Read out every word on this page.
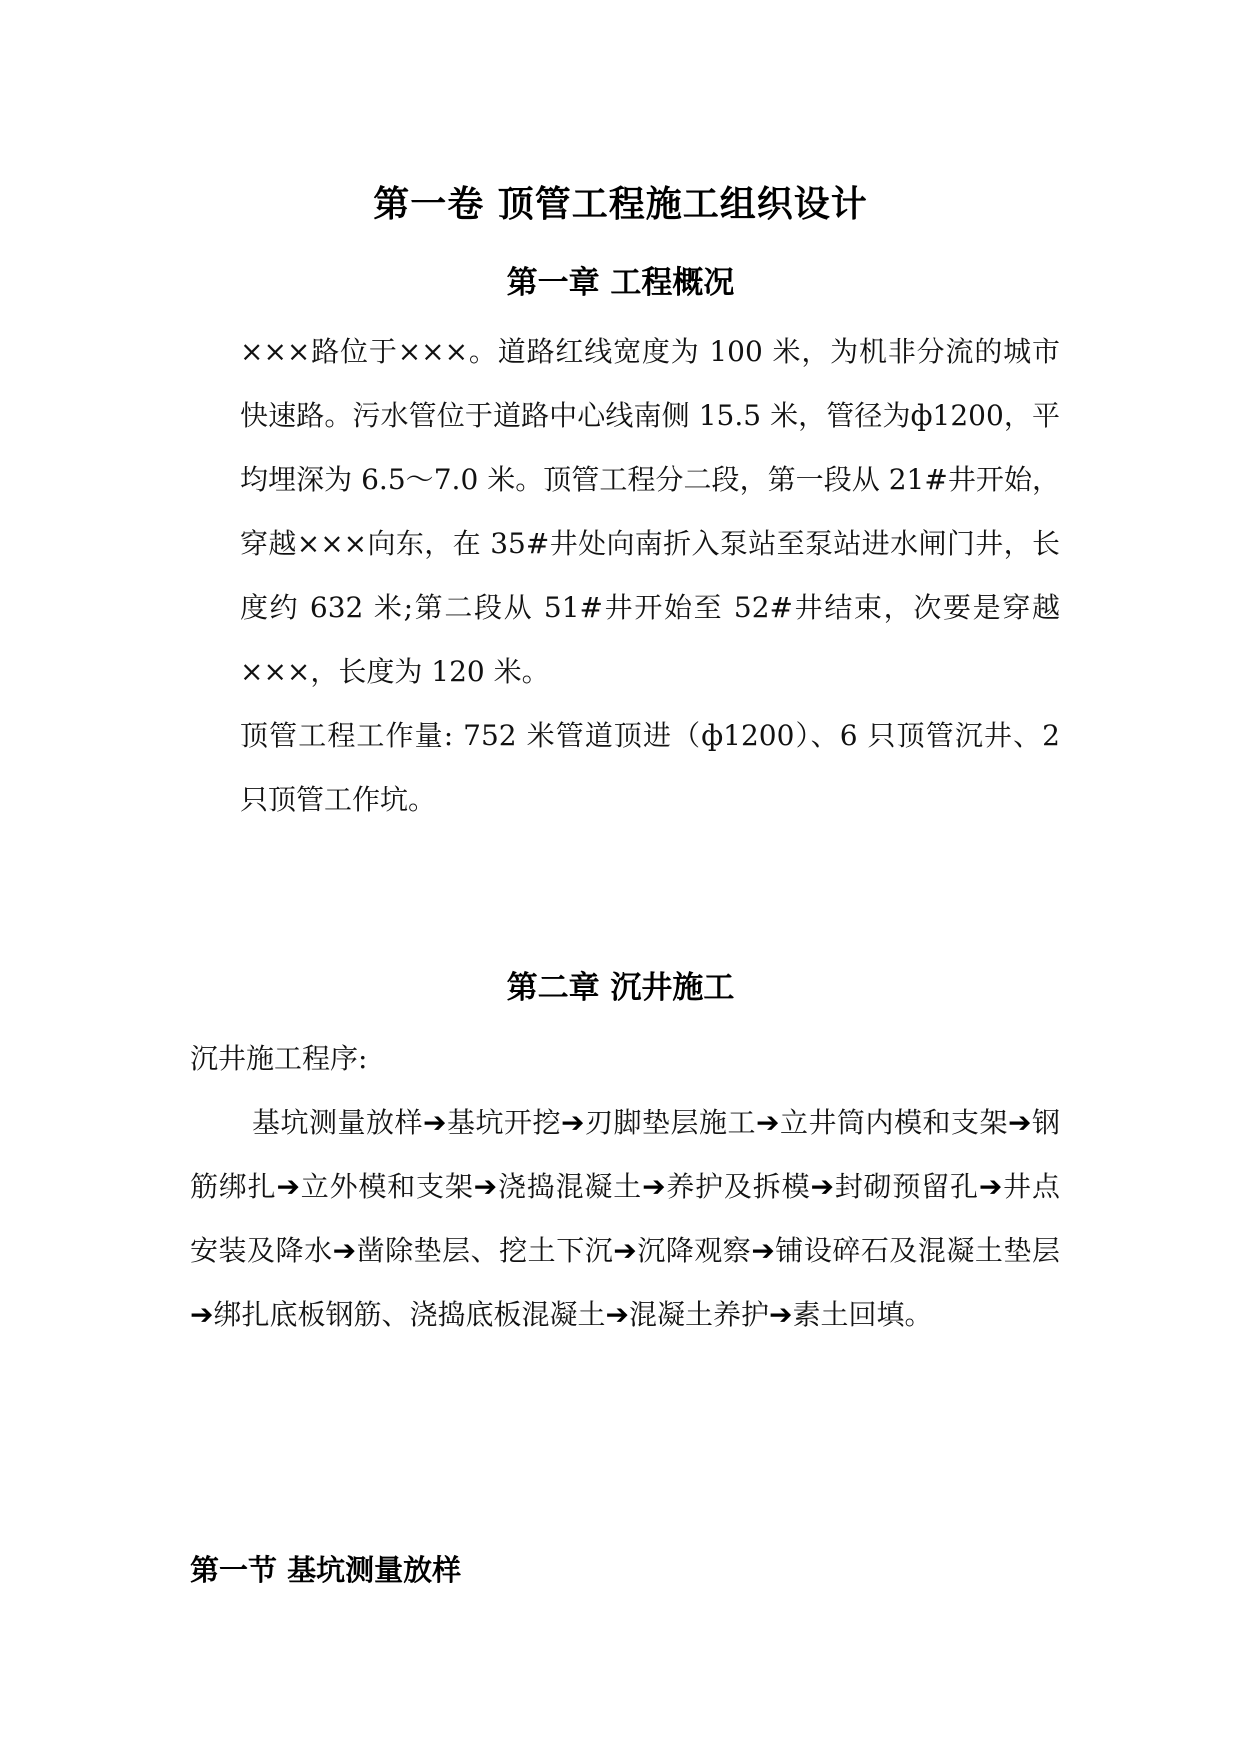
第一卷 顶管工程施工组织设计
第一章 工程概况

×××路位于×××。道路红线宽度为 100 米，为机非分流的城市快速路。污水管位于道路中心线南侧 15.5 米，管径为ф1200，平均埋深为 6.5～7.0 米。顶管工程分二段，第一段从 21#井开始，穿越×××向东，在 35#井处向南折入泵站至泵站进水闸门井，长度约 632 米;第二段从 51#井开始至 52#井结束，次要是穿越×××，长度为 120 米。

顶管工程工作量: 752 米管道顶进（ф1200）、6 只顶管沉井、2 只顶管工作坑。

第二章 沉井施工

沉井施工程序:

基坑测量放样➔基坑开挖➔刃脚垫层施工➔立井筒内模和支架➔钢筋绑扎➔立外模和支架➔浇捣混凝土➔养护及拆模➔封砌预留孔➔井点安装及降水➔凿除垫层、挖土下沉➔沉降观察➔铺设碎石及混凝土垫层➔绑扎底板钢筋、浇捣底板混凝土➔混凝土养护➔素土回填。

第一节 基坑测量放样
